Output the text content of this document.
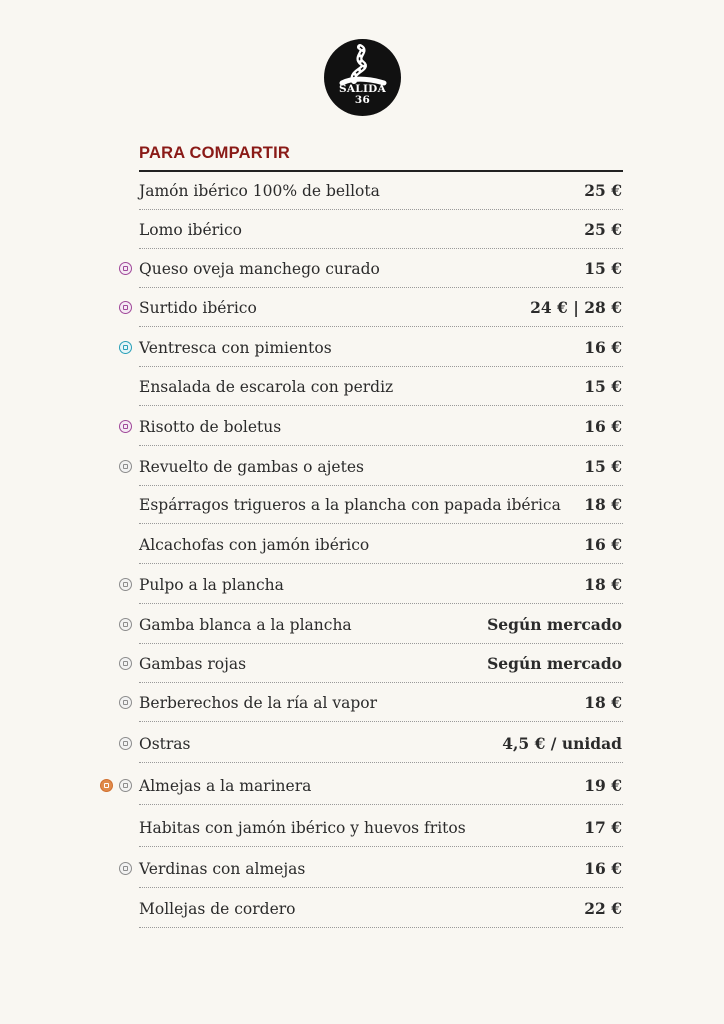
SALIDA
36
PARA COMPARTIR
Jamón ibérico 100% de bellota	25 €
Lomo ibérico	25 €
Queso oveja manchego curado	15 €
Surtido ibérico	24 € | 28 €
Ventresca con pimientos	16 €
Ensalada de escarola con perdiz	15 €
Risotto de boletus	16 €
Revuelto de gambas o ajetes	15 €
Espárragos trigueros a la plancha con papada ibérica 18 €
Alcachofas con jamón ibérico	16 €
Pulpo a la plancha	18 €
Gamba blanca a la plancha	Según mercado
Gambas rojas	Según mercado
Berberechos de la ría al vapor	18 €
Ostras	4,5 € / unidad
Almejas a la marinera	19 €
Habitas con jamón ibérico y huevos fritos	17 €
Verdinas con almejas	16 €
Mollejas de cordero	22 €
